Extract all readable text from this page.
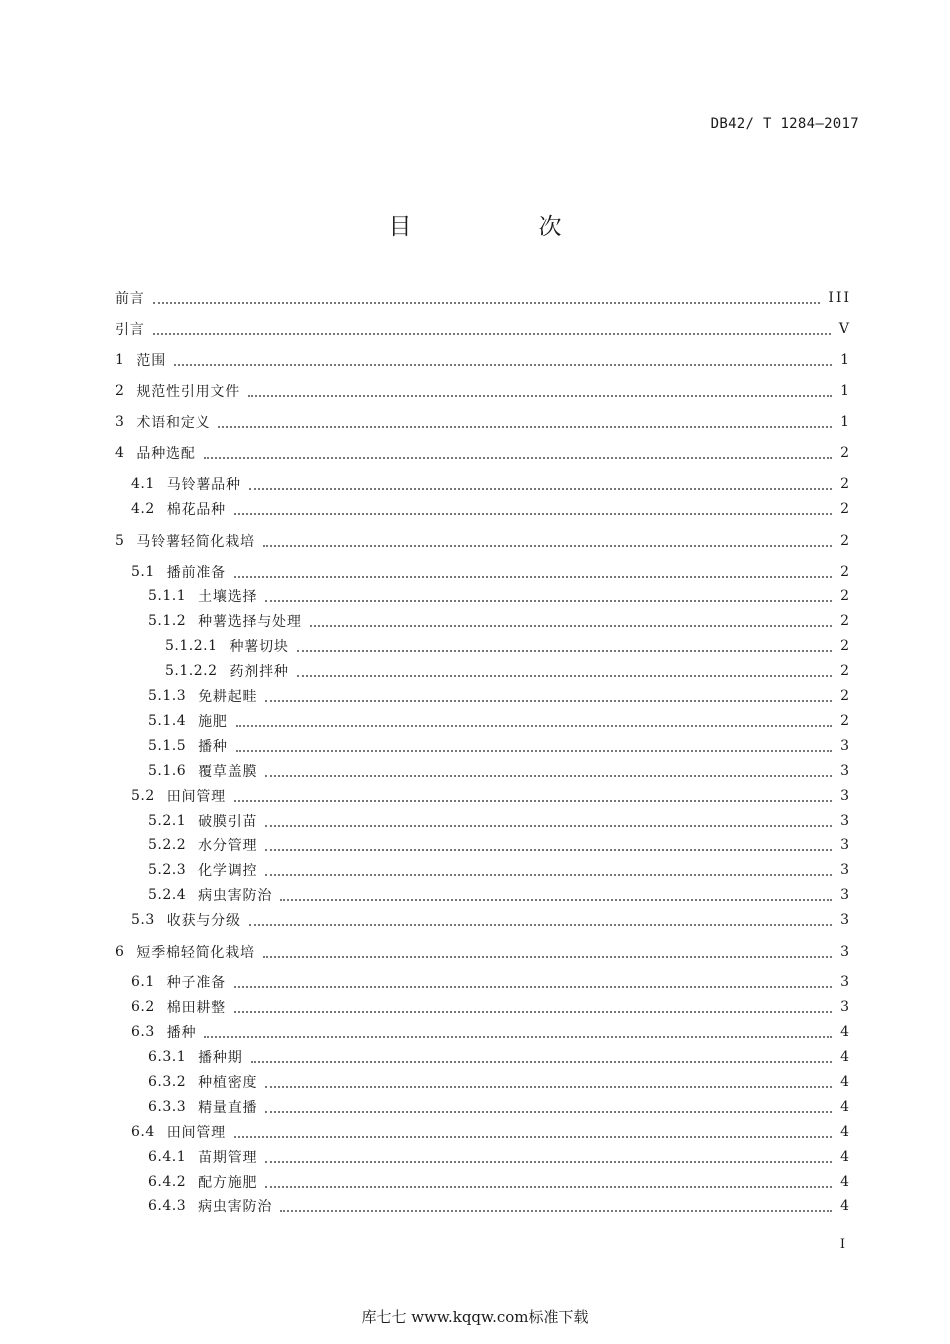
DB42/ T 1284—2017
目　次
前言	III
引言	V
1 范围	1
2 规范性引用文件	1
3 术语和定义	1
4 品种选配	2
4.1 马铃薯品种	2
4.2 棉花品种	2
5 马铃薯轻简化栽培	2
5.1 播前准备	2
5.1.1 土壤选择	2
5.1.2 种薯选择与处理	2
5.1.2.1 种薯切块	2
5.1.2.2 药剂拌种	2
5.1.3 免耕起畦	2
5.1.4 施肥	2
5.1.5 播种	3
5.1.6 覆草盖膜	3
5.2 田间管理	3
5.2.1 破膜引苗	3
5.2.2 水分管理	3
5.2.3 化学调控	3
5.2.4 病虫害防治	3
5.3 收获与分级	3
6 短季棉轻简化栽培	3
6.1 种子准备	3
6.2 棉田耕整	3
6.3 播种	4
6.3.1 播种期	4
6.3.2 种植密度	4
6.3.3 精量直播	4
6.4 田间管理	4
6.4.1 苗期管理	4
6.4.2 配方施肥	4
6.4.3 病虫害防治	4
I
库七七 www.kqqw.com标准下载
